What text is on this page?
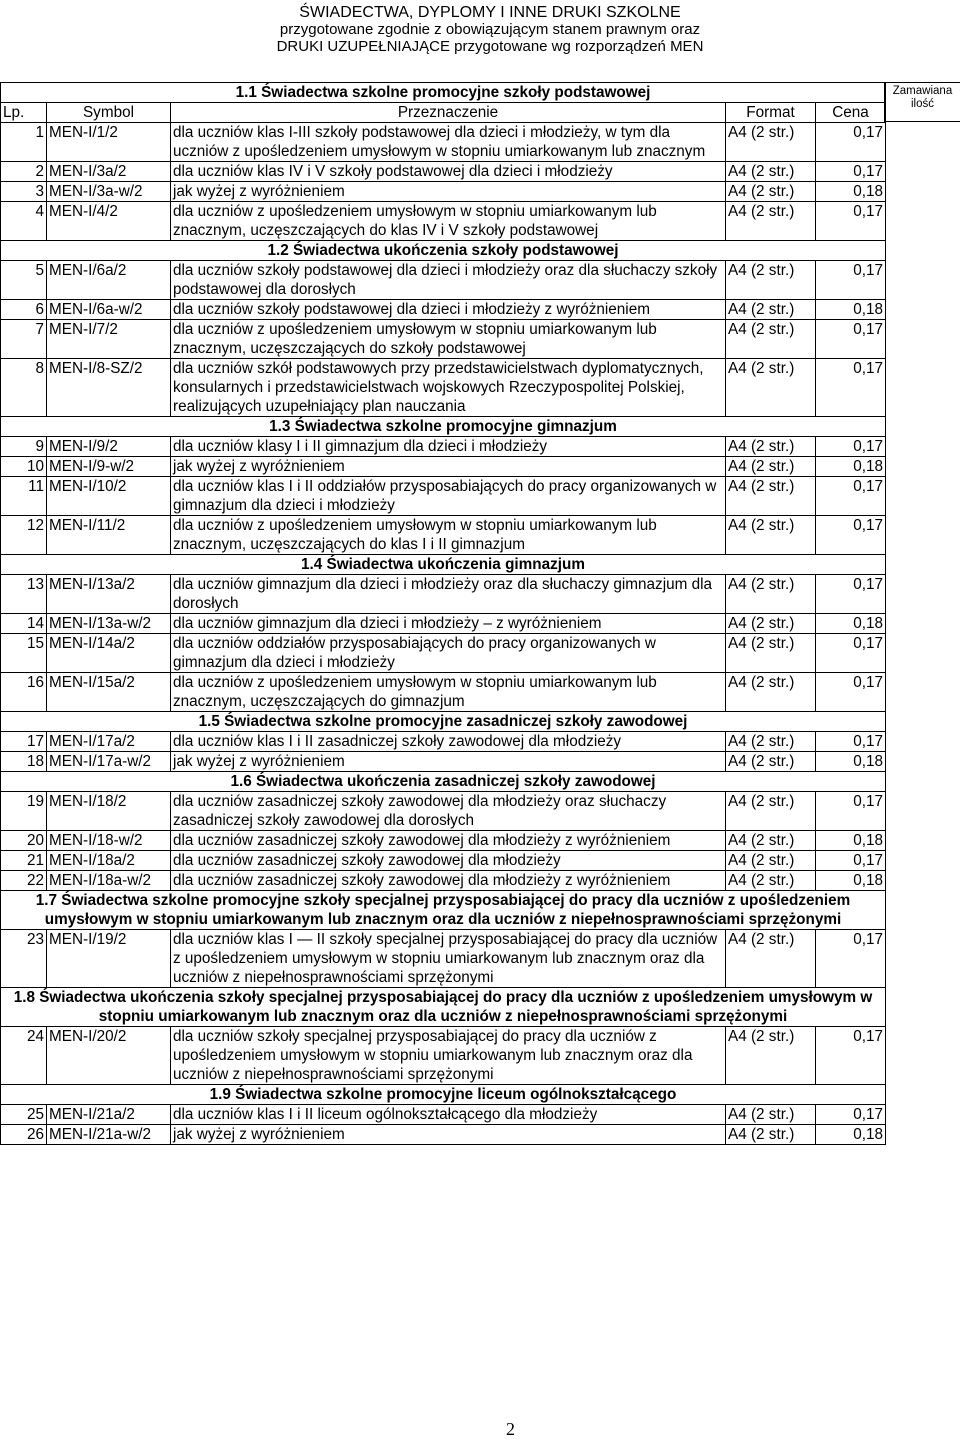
ŚWIADECTWA, DYPLOMY I INNE DRUKI SZKOLNE
przygotowane zgodnie z obowiązującym stanem prawnym oraz
DRUKI UZUPEŁNIAJĄCE przygotowane wg rozporządzeń MEN
Zamawiana ilość
1.1 Świadectwa szkolne promocyjne szkoły podstawowej				
Lp.	Symbol	Przeznaczenie	Format	Cena
1	MEN-I/1/2	dla uczniów klas I-III szkoły podstawowej dla dzieci i młodzieży, w tym dla uczniów z upośledzeniem umysłowym w stopniu umiarkowanym lub znacznym	A4 (2 str.)	0,17
2	MEN-I/3a/2	dla uczniów klas IV i V szkoły podstawowej dla dzieci i młodzieży	A4 (2 str.)	0,17
3	MEN-I/3a-w/2	jak wyżej z wyróżnieniem	A4 (2 str.)	0,18
4	MEN-I/4/2	dla uczniów z upośledzeniem umysłowym w stopniu umiarkowanym lub znacznym, uczęszczających do klas IV i V szkoły podstawowej	A4 (2 str.)	0,17
1.2 Świadectwa ukończenia szkoły podstawowej				
5	MEN-I/6a/2	dla uczniów szkoły podstawowej dla dzieci i młodzieży oraz dla słuchaczy szkoły podstawowej dla dorosłych	A4 (2 str.)	0,17
6	MEN-I/6a-w/2	dla uczniów szkoły podstawowej dla dzieci i młodzieży z wyróżnieniem	A4 (2 str.)	0,18
7	MEN-I/7/2	dla uczniów z upośledzeniem umysłowym w stopniu umiarkowanym lub znacznym, uczęszczających do szkoły podstawowej	A4 (2 str.)	0,17
8	MEN-I/8-SZ/2	dla uczniów szkół podstawowych przy przedstawicielstwach dyplomatycznych, konsularnych i przedstawicielstwach wojskowych Rzeczypospolitej Polskiej, realizujących uzupełniający plan nauczania	A4 (2 str.)	0,17
1.3 Świadectwa szkolne promocyjne gimnazjum				
9	MEN-I/9/2	dla uczniów klasy I i II gimnazjum dla dzieci i młodzieży	A4 (2 str.)	0,17
10	MEN-I/9-w/2	jak wyżej z wyróżnieniem	A4 (2 str.)	0,18
11	MEN-I/10/2	dla uczniów klas I i II oddziałów przysposabiających do pracy organizowanych w gimnazjum dla dzieci i młodzieży	A4 (2 str.)	0,17
12	MEN-I/11/2	dla uczniów z upośledzeniem umysłowym w stopniu umiarkowanym lub znacznym, uczęszczających do klas I i II gimnazjum	A4 (2 str.)	0,17
1.4 Świadectwa ukończenia gimnazjum				
13	MEN-I/13a/2	dla uczniów gimnazjum dla dzieci i młodzieży oraz dla słuchaczy gimnazjum dla dorosłych	A4 (2 str.)	0,17
14	MEN-I/13a-w/2	dla uczniów gimnazjum dla dzieci i młodzieży – z wyróżnieniem	A4 (2 str.)	0,18
15	MEN-I/14a/2	dla uczniów oddziałów przysposabiających do pracy organizowanych w gimnazjum dla dzieci i młodzieży	A4 (2 str.)	0,17
16	MEN-I/15a/2	dla uczniów z upośledzeniem umysłowym w stopniu umiarkowanym lub znacznym, uczęszczających do gimnazjum	A4 (2 str.)	0,17
1.5 Świadectwa szkolne promocyjne zasadniczej szkoły zawodowej				
17	MEN-I/17a/2	dla uczniów klas I i II zasadniczej szkoły zawodowej dla młodzieży	A4 (2 str.)	0,17
18	MEN-I/17a-w/2	jak wyżej z wyróżnieniem	A4 (2 str.)	0,18
1.6 Świadectwa ukończenia zasadniczej szkoły zawodowej				
19	MEN-I/18/2	dla uczniów zasadniczej szkoły zawodowej dla młodzieży oraz słuchaczy zasadniczej szkoły zawodowej dla dorosłych	A4 (2 str.)	0,17
20	MEN-I/18-w/2	dla uczniów zasadniczej szkoły zawodowej dla młodzieży z wyróżnieniem	A4 (2 str.)	0,18
21	MEN-I/18a/2	dla uczniów zasadniczej szkoły zawodowej dla młodzieży	A4 (2 str.)	0,17
22	MEN-I/18a-w/2	dla uczniów zasadniczej szkoły zawodowej dla młodzieży z wyróżnieniem	A4 (2 str.)	0,18
1.7 Świadectwa szkolne promocyjne szkoły specjalnej przysposabiającej do pracy dla uczniów z upośledzeniem umysłowym w stopniu umiarkowanym lub znacznym oraz dla uczniów z niepełnosprawnościami sprzężonymi				
23	MEN-I/19/2	dla uczniów klas I — II szkoły specjalnej przysposabiającej do pracy dla uczniów z upośledzeniem umysłowym w stopniu umiarkowanym lub znacznym oraz dla uczniów z niepełnosprawnościami sprzężonymi	A4 (2 str.)	0,17
1.8 Świadectwa ukończenia szkoły specjalnej przysposabiającej do pracy dla uczniów z upośledzeniem umysłowym w stopniu umiarkowanym lub znacznym oraz dla uczniów z niepełnosprawnościami sprzężonymi				
24	MEN-I/20/2	dla uczniów szkoły specjalnej przysposabiającej do pracy dla uczniów z upośledzeniem umysłowym w stopniu umiarkowanym lub znacznym oraz dla uczniów z niepełnosprawnościami sprzężonymi	A4 (2 str.)	0,17
1.9 Świadectwa szkolne promocyjne liceum ogólnokształcącego				
25	MEN-I/21a/2	dla uczniów klas I i II liceum ogólnokształcącego dla młodzieży	A4 (2 str.)	0,17
26	MEN-I/21a-w/2	jak wyżej z wyróżnieniem	A4 (2 str.)	0,18
2
